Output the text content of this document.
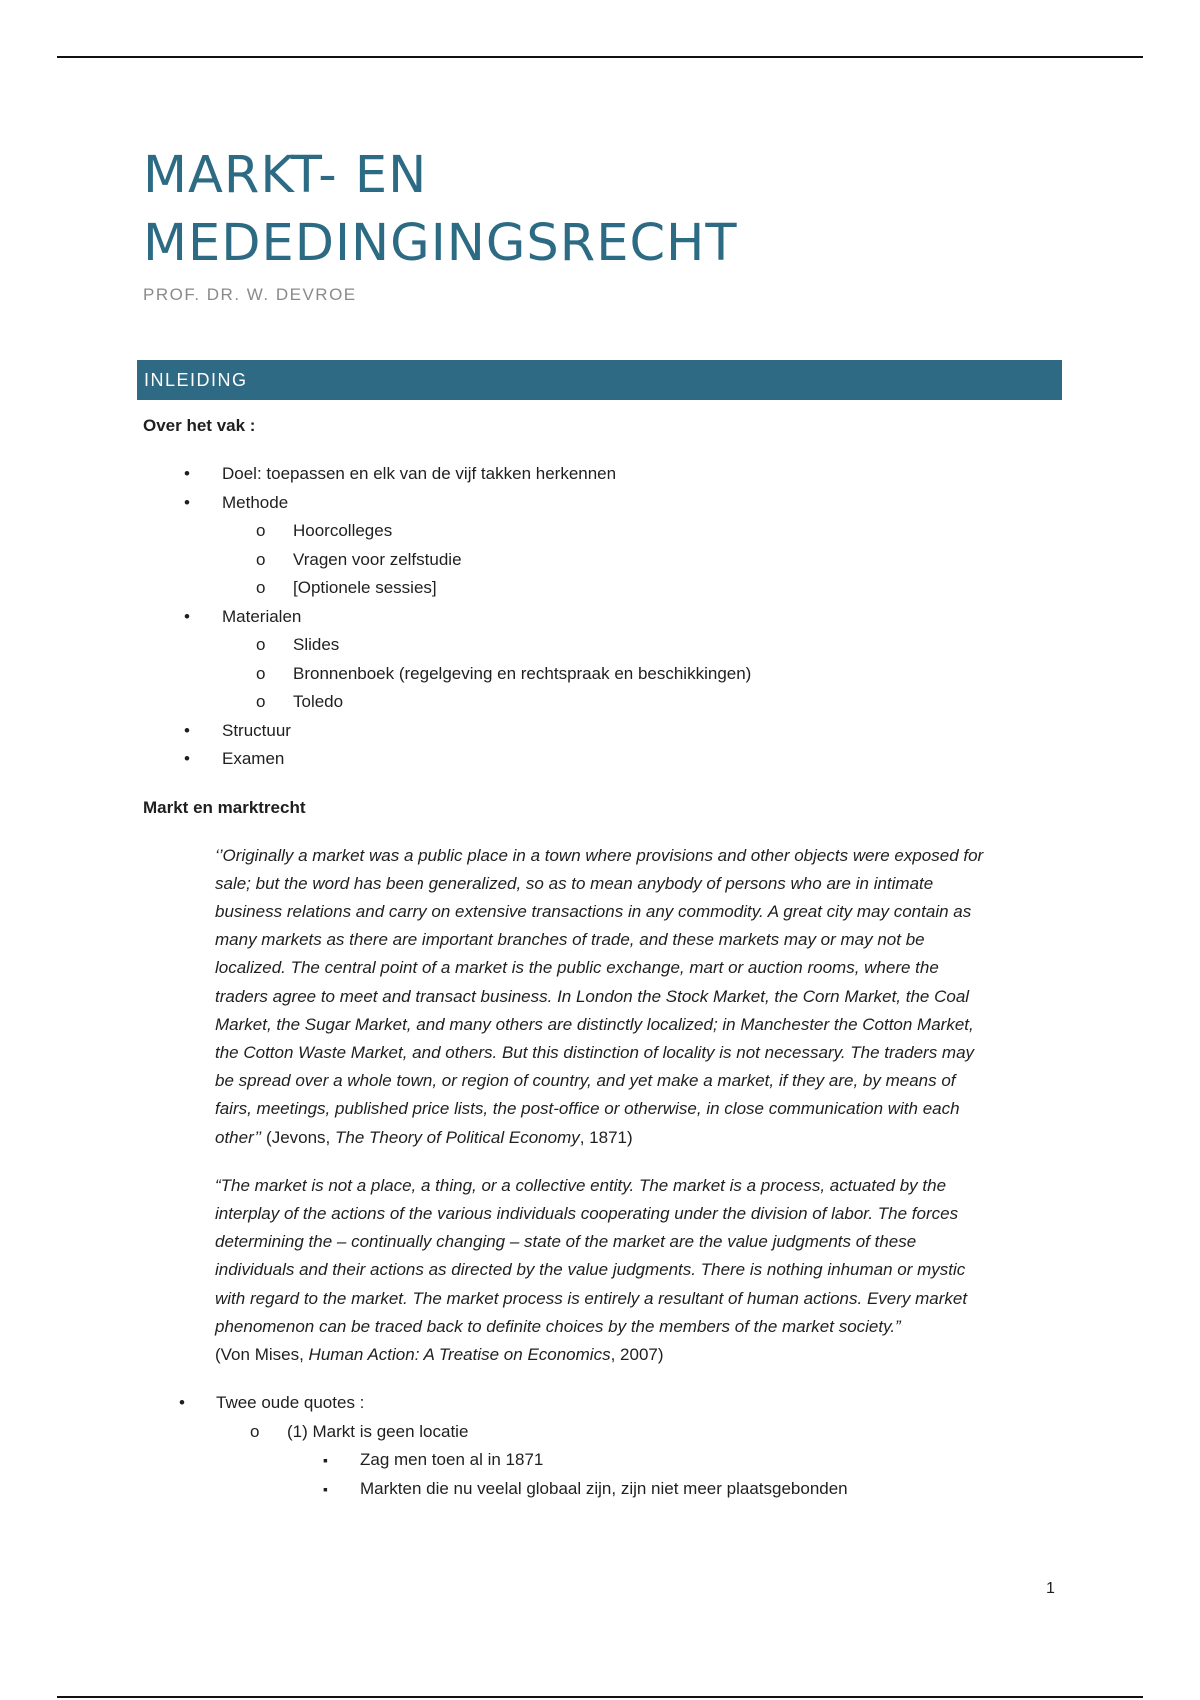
MARKT- EN
MEDEDINGINGSRECHT
PROF. DR. W. DEVROE
INLEIDING
Over het vak :
• Doel: toepassen en elk van de vijf takken herkennen
• Methode
o Hoorcolleges
o Vragen voor zelfstudie
o [Optionele sessies]
• Materialen
o Slides
o Bronnenboek (regelgeving en rechtspraak en beschikkingen)
o Toledo
• Structuur
• Examen
Markt en marktrecht
‘’Originally a market was a public place in a town where provisions and other objects were exposed for
sale; but the word has been generalized, so as to mean anybody of persons who are in intimate
business relations and carry on extensive transactions in any commodity. A great city may contain as
many markets as there are important branches of trade, and these markets may or may not be
localized. The central point of a market is the public exchange, mart or auction rooms, where the
traders agree to meet and transact business. In London the Stock Market, the Corn Market, the Coal
Market, the Sugar Market, and many others are distinctly localized; in Manchester the Cotton Market,
the Cotton Waste Market, and others. But this distinction of locality is not necessary. The traders may
be spread over a whole town, or region of country, and yet make a market, if they are, by means of
fairs, meetings, published price lists, the post-office or otherwise, in close communication with each
other’’ (Jevons, The Theory of Political Economy, 1871)
“The market is not a place, a thing, or a collective entity. The market is a process, actuated by the
interplay of the actions of the various individuals cooperating under the division of labor. The forces
determining the – continually changing – state of the market are the value judgments of these
individuals and their actions as directed by the value judgments. There is nothing inhuman or mystic
with regard to the market. The market process is entirely a resultant of human actions. Every market
phenomenon can be traced back to definite choices by the members of the market society.”
(Von Mises, Human Action: A Treatise on Economics, 2007)
• Twee oude quotes :
o (1) Markt is geen locatie
▪ Zag men toen al in 1871
▪ Markten die nu veelal globaal zijn, zijn niet meer plaatsgebonden
1
